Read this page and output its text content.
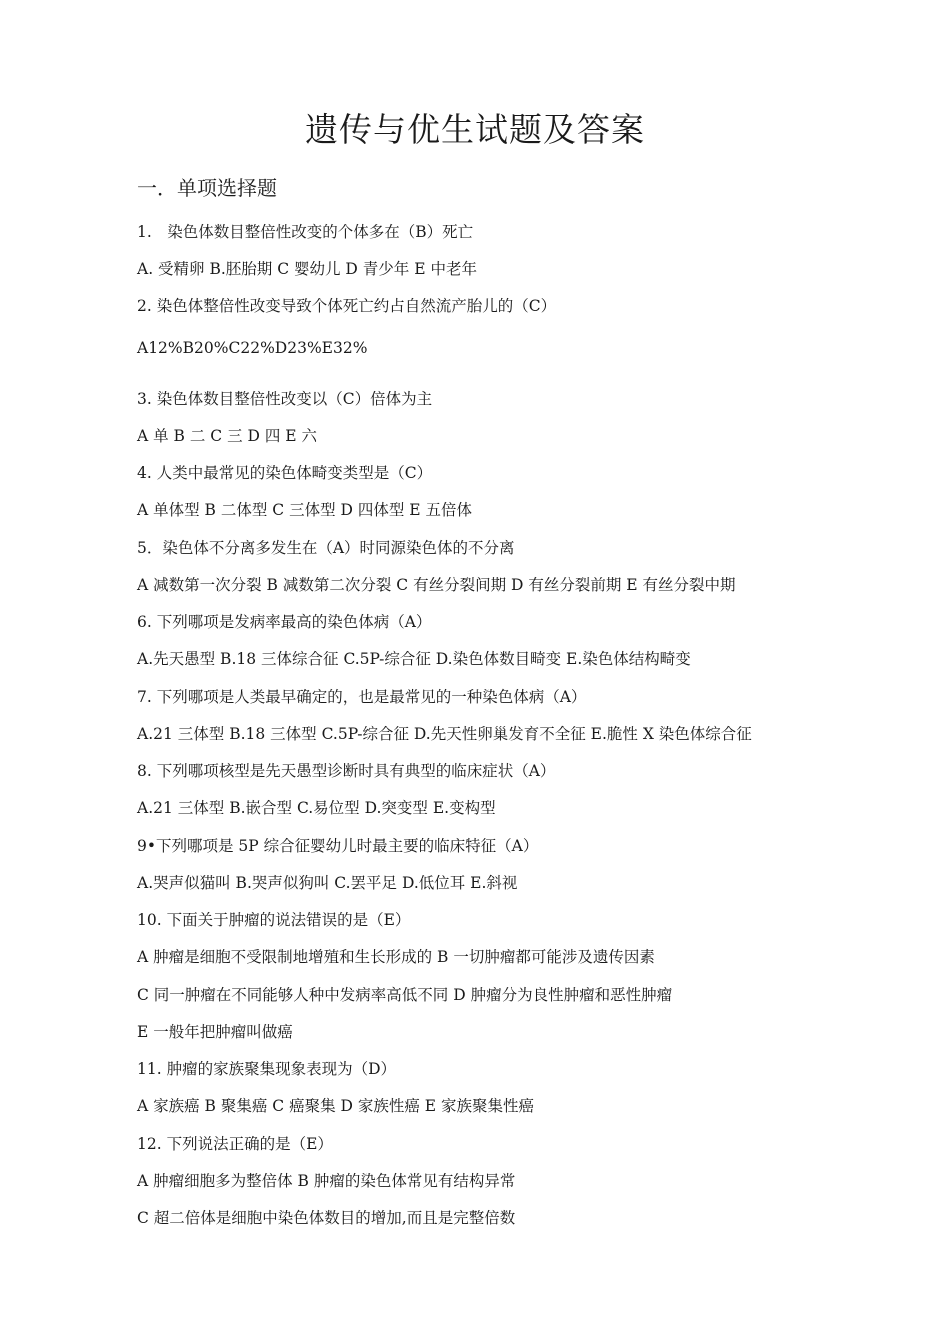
遗传与优生试题及答案
一．单项选择题
1.　染色体数目整倍性改变的个体多在（B）死亡
A. 受精卵 B.胚胎期 C 婴幼儿 D 青少年 E 中老年
2. 染色体整倍性改变导致个体死亡约占自然流产胎儿的（C）
A12%B20%C22%D23%E32%
3. 染色体数目整倍性改变以（C）倍体为主
A 单 B 二 C 三 D 四 E 六
4. 人类中最常见的染色体畸变类型是（C）
A 单体型 B 二体型 C 三体型 D 四体型 E 五倍体
5．染色体不分离多发生在（A）时同源染色体的不分离
A 减数第一次分裂 B 减数第二次分裂 C 有丝分裂间期 D 有丝分裂前期 E 有丝分裂中期
6. 下列哪项是发病率最高的染色体病（A）
A.先天愚型 B.18 三体综合征 C.5P-综合征 D.染色体数目畸变 E.染色体结构畸变
7. 下列哪项是人类最早确定的，也是最常见的一种染色体病（A）
A.21 三体型 B.18 三体型 C.5P-综合征 D.先天性卵巢发育不全征 E.脆性 X 染色体综合征
8. 下列哪项核型是先天愚型诊断时具有典型的临床症状（A）
A.21 三体型 B.嵌合型 C.易位型 D.突变型 E.变构型
9•下列哪项是 5P 综合征婴幼儿时最主要的临床特征（A）
A.哭声似猫叫 B.哭声似狗叫 C.罢平足 D.低位耳 E.斜视
10. 下面关于肿瘤的说法错误的是（E）
A 肿瘤是细胞不受限制地增殖和生长形成的 B 一切肿瘤都可能涉及遗传因素
C 同一肿瘤在不同能够人种中发病率高低不同 D 肿瘤分为良性肿瘤和恶性肿瘤
E 一般年把肿瘤叫做癌
11. 肿瘤的家族聚集现象表现为（D）
A 家族癌 B 聚集癌 C 癌聚集 D 家族性癌 E 家族聚集性癌
12. 下列说法正确的是（E）
A 肿瘤细胞多为整倍体 B 肿瘤的染色体常见有结构异常
C 超二倍体是细胞中染色体数目的增加,而且是完整倍数
